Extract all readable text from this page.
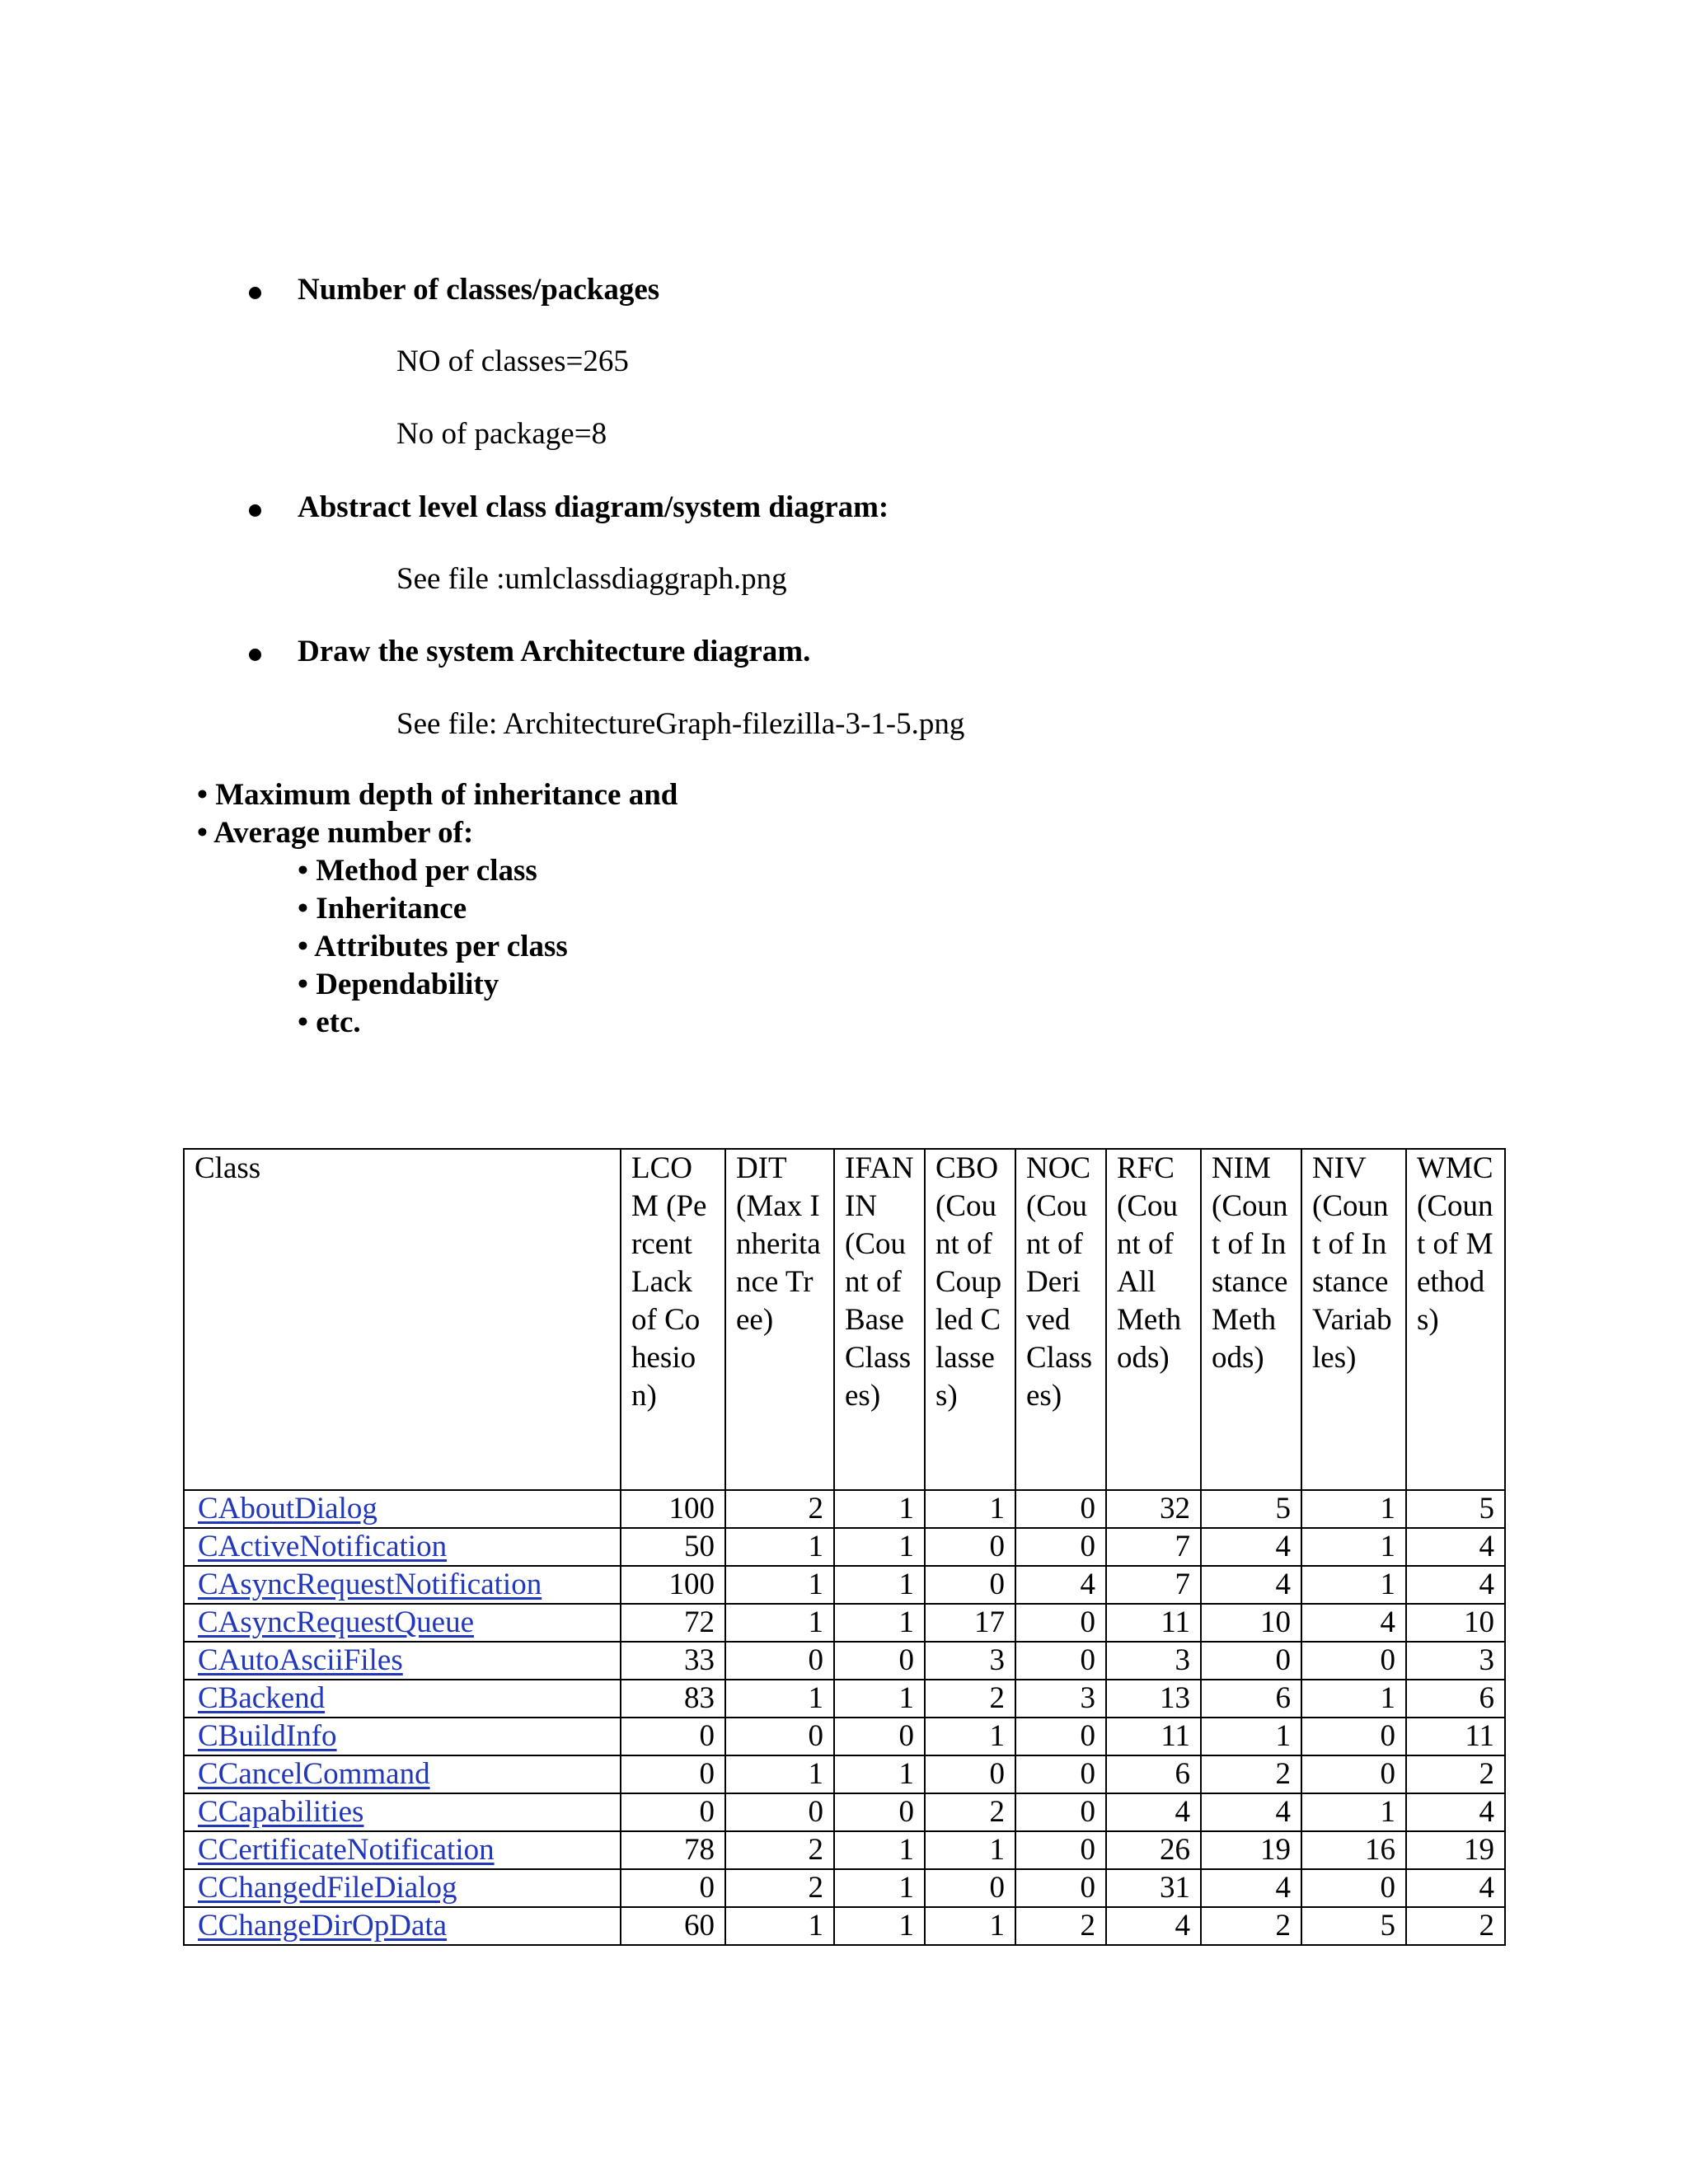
Number of classes/packages
NO of classes=265
No of package=8
Abstract level class diagram/system diagram:
See file :umlclassdiaggraph.png
Draw the system Architecture diagram.
See file: ArchitectureGraph-filezilla-3-1-5.png
• Maximum depth of inheritance and
• Average number of:
• Method per class
• Inheritance
• Attributes per class
• Dependability
• etc.
Class	LCOM (Percent Lack of Cohesion)	DIT (Max Inheritance Tree)	IFANIN (Count of Base Classes)	CBO (Count of Coupled Classes)	NOC (Count of Derived Classes)	RFC (Count of All Methods)	NIM (Count of Instance Methods)	NIV (Count of Instance Variables)	WMC (Count of Methods)
CAboutDialog	100	2	1	1	0	32	5	1	5
CActiveNotification	50	1	1	0	0	7	4	1	4
CAsyncRequestNotification	100	1	1	0	4	7	4	1	4
CAsyncRequestQueue	72	1	1	17	0	11	10	4	10
CAutoAsciiFiles	33	0	0	3	0	3	0	0	3
CBackend	83	1	1	2	3	13	6	1	6
CBuildInfo	0	0	0	1	0	11	1	0	11
CCancelCommand	0	1	1	0	0	6	2	0	2
CCapabilities	0	0	0	2	0	4	4	1	4
CCertificateNotification	78	2	1	1	0	26	19	16	19
CChangedFileDialog	0	2	1	0	0	31	4	0	4
CChangeDirOpData	60	1	1	1	2	4	2	5	2
